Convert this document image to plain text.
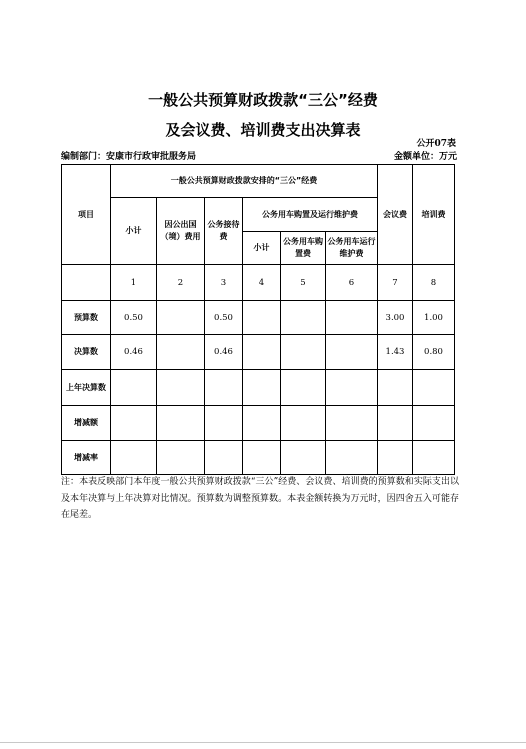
一般公共预算财政拨款“三公”经费
及会议费、培训费支出决算表
公开07表
编制部门：安康市行政审批服务局	金额单位：万元
项目	一般公共预算财政拨款安排的“三公”经费						会议费	培训费
	小计	因公出国（境）费用	公务接待费	公务用车购置及运行维护费				
				小计	公务用车购置费	公务用车运行维护费		
	1	2	3	4	5	6	7	8
预算数	0.50		0.50				3.00	1.00
决算数	0.46		0.46				1.43	0.80
上年决算数								
增减额								
增减率								
注：本表反映部门本年度一般公共预算财政拨款“三公”经费、会议费、培训费的预算数和实际支出以及本年决算与上年决算对比情况。预算数为调整预算数。本表金额转换为万元时，因四舍五入可能存在尾差。
